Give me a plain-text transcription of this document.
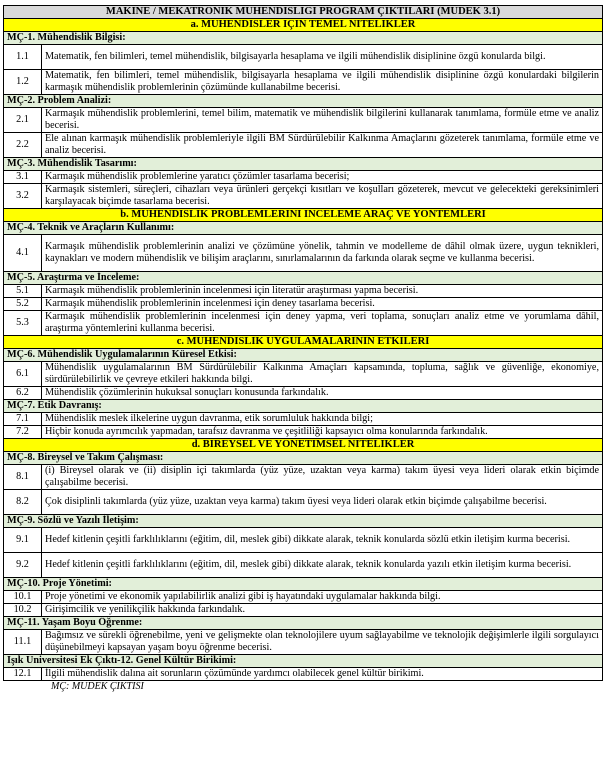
MAKINE / MEKATRONIK MUHENDISLIGI PROGRAM ÇIKTILARI (MUDEK 3.1)	
a. MUHENDISLER IÇIN TEMEL NITELIKLER	
MÇ-1. Mühendislik Bilgisi:	
1.1	Matematik, fen bilimleri, temel mühendislik, bilgisayarla hesaplama ve ilgili mühendislik disiplinine özgü konularda bilgi.
1.2	Matematik, fen bilimleri, temel mühendislik, bilgisayarla hesaplama ve ilgili mühendislik disiplinine özgü konulardaki bilgilerin karmaşık mühendislik problemlerinin çözümünde kullanabilme becerisi.
MÇ-2. Problem Analizi:	
2.1	Karmaşık mühendislik problemlerini, temel bilim, matematik ve mühendislik bilgilerini kullanarak tanımlama, formüle etme ve analiz becerisi.
2.2	Ele alınan karmaşık mühendislik problemleriyle ilgili BM Sürdürülebilir Kalkınma Amaçlarını gözeterek tanımlama, formüle etme ve analiz becerisi.
MÇ-3. Mühendislik Tasarımı:	
3.1	Karmaşık mühendislik problemlerine yaratıcı çözümler tasarlama becerisi;
3.2	Karmaşık sistemleri, süreçleri, cihazları veya ürünleri gerçekçi kısıtları ve koşulları gözeterek, mevcut ve gelecekteki gereksinimleri karşılayacak biçimde tasarlama becerisi.
b. MUHENDISLIK PROBLEMLERINI INCELEME ARAÇ VE YONTEMLERI	
MÇ-4. Teknik ve Araçların Kullanımı:	
4.1	Karmaşık mühendislik problemlerinin analizi ve çözümüne yönelik, tahmin ve modelleme de dâhil olmak üzere, uygun teknikleri, kaynakları ve modern mühendislik ve bilişim araçlarını, sınırlamalarının da farkında olarak seçme ve kullanma becerisi.
MÇ-5. Araştırma ve İnceleme:	
5.1	Karmaşık mühendislik problemlerinin incelenmesi için literatür araştırması yapma becerisi.
5.2	Karmaşık mühendislik problemlerinin incelenmesi için deney tasarlama becerisi.
5.3	Karmaşık mühendislik problemlerinin incelenmesi için deney yapma, veri toplama, sonuçları analiz etme ve yorumlama dâhil, araştırma yöntemlerini kullanma becerisi.
c. MUHENDISLIK UYGULAMALARININ ETKILERI	
MÇ-6. Mühendislik Uygulamalarının Küresel Etkisi:	
6.1	Mühendislik uygulamalarının BM Sürdürülebilir Kalkınma Amaçları kapsamında, topluma, sağlık ve güvenliğe, ekonomiye, sürdürülebilirlik ve çevreye etkileri hakkında bilgi.
6.2	Mühendislik çözümlerinin hukuksal sonuçları konusunda farkındalık.
MÇ-7. Etik Davranış:	
7.1	Mühendislik meslek ilkelerine uygun davranma, etik sorumluluk hakkında bilgi;
7.2	Hiçbir konuda ayrımcılık yapmadan, tarafsız davranma ve çeşitliliği kapsayıcı olma konularında farkındalık.
d. BIREYSEL VE YONETIMSEL NITELIKLER	
MÇ-8. Bireysel ve Takım Çalışması:	
8.1	(i) Bireysel olarak ve (ii) disiplin içi takımlarda (yüz yüze, uzaktan veya karma) takım üyesi veya lideri olarak etkin biçimde çalışabilme becerisi.
8.2	Çok disiplinli takımlarda (yüz yüze, uzaktan veya karma) takım üyesi veya lideri olarak etkin biçimde çalışabilme becerisi.
MÇ-9. Sözlü ve Yazılı İletişim:	
9.1	Hedef kitlenin çeşitli farklılıklarını (eğitim, dil, meslek gibi) dikkate alarak, teknik konularda sözlü etkin iletişim kurma becerisi.
9.2	Hedef kitlenin çeşitli farklılıklarını (eğitim, dil, meslek gibi) dikkate alarak, teknik konularda yazılı etkin iletişim kurma becerisi.
MÇ-10. Proje Yönetimi:	
10.1	Proje yönetimi ve ekonomik yapılabilirlik analizi gibi iş hayatındaki uygulamalar hakkında bilgi.
10.2	Girişimcilik ve yenilikçilik hakkında farkındalık.
MÇ-11. Yaşam Boyu Öğrenme:	
11.1	Bağımsız ve sürekli öğrenebilme, yeni ve gelişmekte olan teknolojilere uyum sağlayabilme ve teknolojik değişimlerle ilgili sorgulayıcı düşünebilmeyi kapsayan yaşam boyu öğrenme becerisi.
Işık Universitesi Ek Çıktı-12. Genel Kültür Birikimi:	
12.1	İlgili mühendislik dalına ait sorunların çözümünde yardımcı olabilecek genel kültür birikimi.
MÇ: MUDEK ÇIKTISI
